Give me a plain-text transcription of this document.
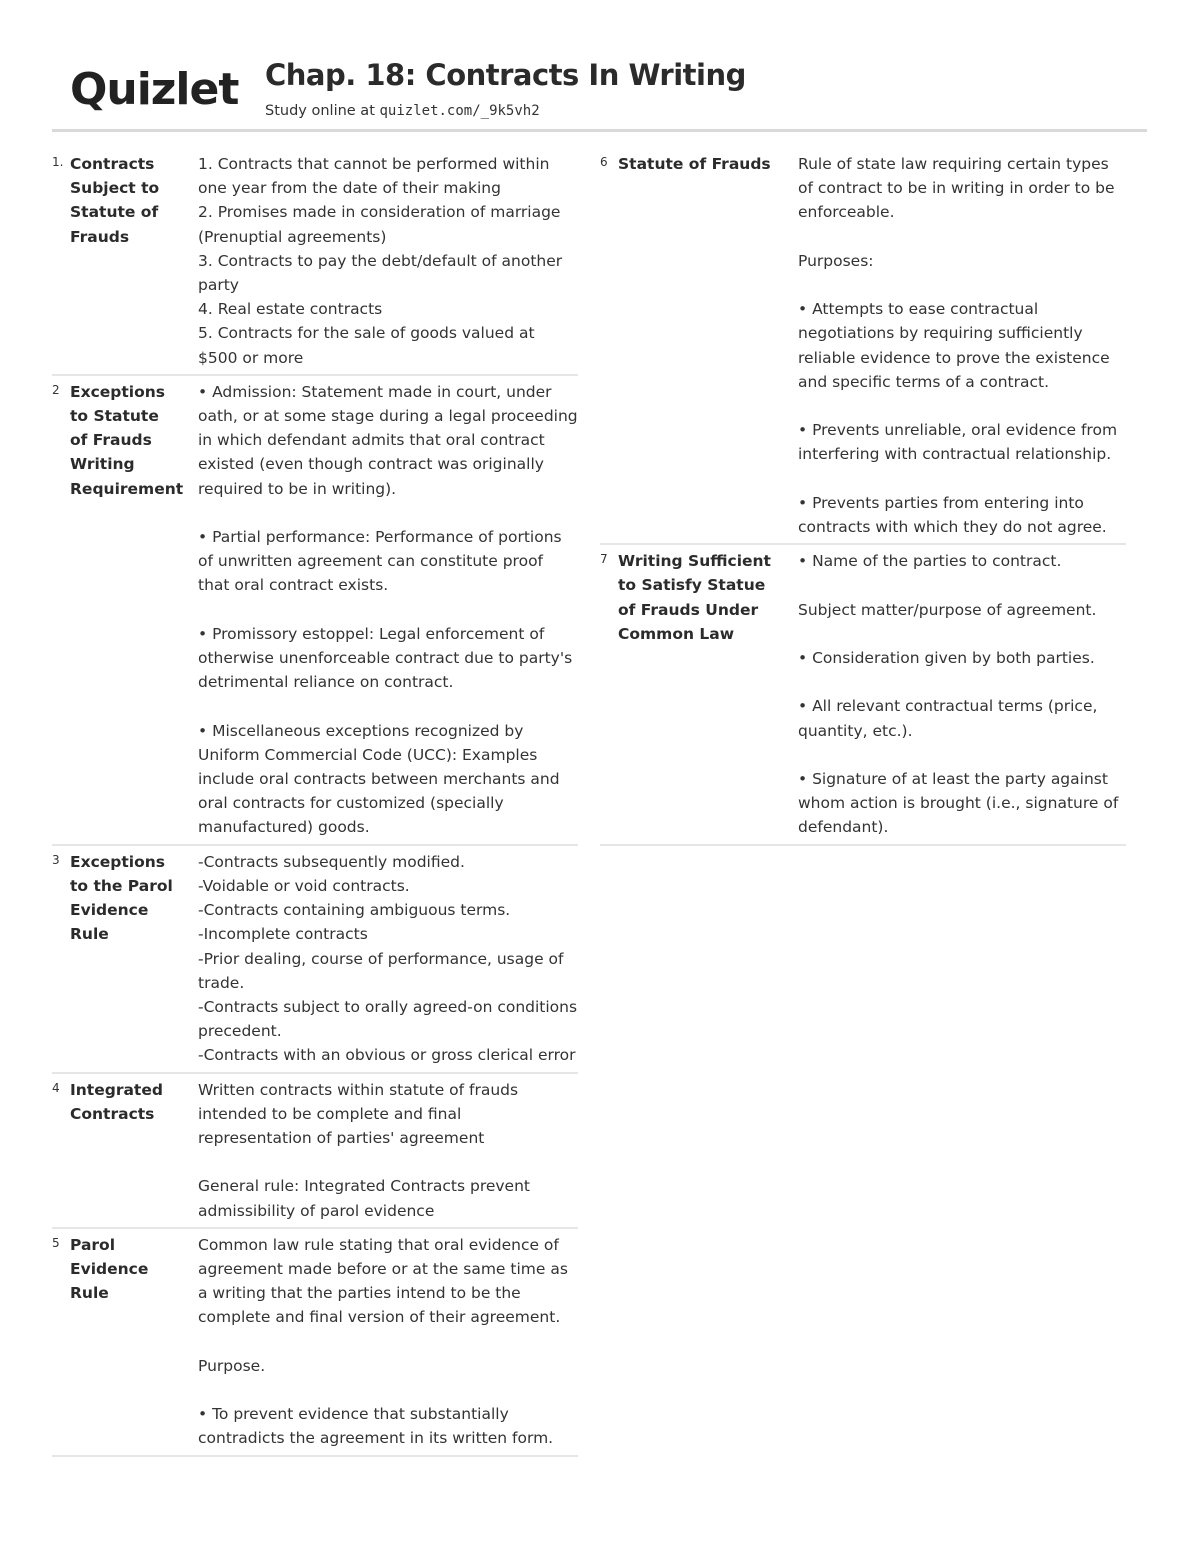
Quizlet Chap. 18: Contracts In Writing
Study online at quizlet.com/_9k5vh2
1. Contracts Subject to Statute of Frauds
1. Contracts that cannot be performed within one year from the date of their making
2. Promises made in consideration of marriage (Prenuptial agreements)
3. Contracts to pay the debt/default of another party
4. Real estate contracts
5. Contracts for the sale of goods valued at $500 or more
2 Exceptions to Statute of Frauds Writing Requirement
• Admission: Statement made in court, under oath, or at some stage during a legal proceeding in which defendant admits that oral contract existed (even though contract was originally required to be in writing).

• Partial performance: Performance of portions of unwritten agreement can constitute proof that oral contract exists.

• Promissory estoppel: Legal enforcement of otherwise unenforceable contract due to party's detrimental reliance on contract.

• Miscellaneous exceptions recognized by Uniform Commercial Code (UCC): Examples include oral contracts between merchants and oral contracts for customized (specially manufactured) goods.
3 Exceptions to the Parol Evidence Rule
-Contracts subsequently modified.
-Voidable or void contracts.
-Contracts containing ambiguous terms.
-Incomplete contracts
-Prior dealing, course of performance, usage of trade.
-Contracts subject to orally agreed-on conditions precedent.
-Contracts with an obvious or gross clerical error
4 Integrated Contracts
Written contracts within statute of frauds intended to be complete and final representation of parties' agreement

General rule: Integrated Contracts prevent admissibility of parol evidence
5 Parol Evidence Rule
Common law rule stating that oral evidence of agreement made before or at the same time as a writing that the parties intend to be the complete and final version of their agreement.

Purpose.

• To prevent evidence that substantially contradicts the agreement in its written form.
6 Statute of Frauds	Rule of state law requiring certain types of contract to be in writing in order to be enforceable.

Purposes:

• Attempts to ease contractual negotiations by requiring sufficiently reliable evidence to prove the existence and specific terms of a contract.

• Prevents unreliable, oral evidence from interfering with contractual relationship.

• Prevents parties from entering into contracts with which they do not agree.
7 Writing Sufficient to Satisfy Statue of Frauds Under Common Law
• Name of the parties to contract.

Subject matter/purpose of agreement.

• Consideration given by both parties.

• All relevant contractual terms (price, quantity, etc.).

• Signature of at least the party against whom action is brought (i.e., signature of defendant).
